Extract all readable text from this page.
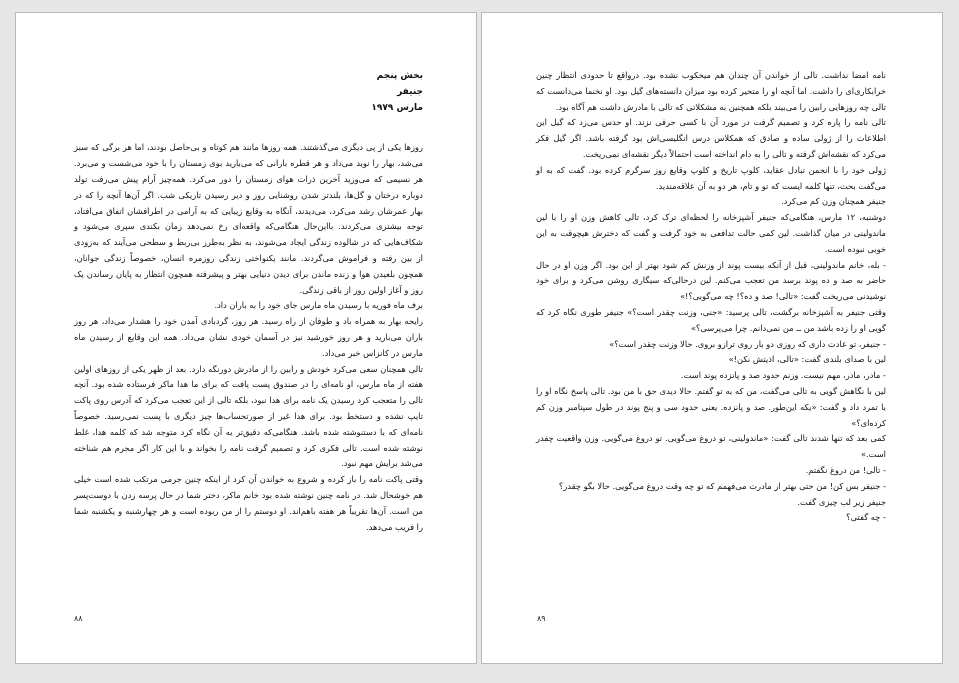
بخش پنجم
جنیفر
مارس ۱۹۷۹

روزها یکی از پی دیگری می‌گذشتند. همه روزها مانند هم کوتاه و بی‌حاصل بودند، اما هر برگی که سبز می‌شد، بهار را نوید می‌داد و هر قطره بارانی که می‌بارید بوی زمستان را با خود می‌شست و می‌برد. هر نسیمی که می‌وزید آخرین ذرات هوای زمستان را دور می‌کرد. همه‌چیز آرام پیش می‌رفت تولد دوباره درختان و گل‌ها، بلندتر شدن روشنایی روز و دیر رسیدن تاریکی شب. اگر آن‌ها آنچه را که در بهار عمرشان رشد می‌کرد، می‌دیدند، آنگاه به وقایع زیبایی که به آرامی در اطرافشان اتفاق می‌افتاد، توجه بیشتری می‌کردند. بااین‌حال هنگامی‌که واقعه‌ای رخ نمی‌دهد زمان بکندی سپری می‌شود و شکاف‌هایی که در شالوده زندگی ایجاد می‌شوند، به نظر به‌طرز بی‌ربط و سطحی می‌آیند که به‌زودی از بین رفته و فراموش می‌گردند. مانند یکنواختی زندگی روزمره انسان، خصوصاً زندگی جوانان، همچون بلعیدن هوا و زنده ماندن برای دیدن دنیایی بهتر و پیشرفته همچون انتظار به پایان رساندن یک روز و آغاز اولین روز از باقی زندگی.

برف ماه فوریه با رسیدن ماه مارس جای خود را به باران داد.

رایحه بهار به همراه باد و طوفان از راه رسید. هر روز، گردبادی آمدن خود را هشدار می‌داد، هر روز باران می‌بارید و هر روز خورشید نیز در آسمان خودی نشان می‌داد. همه این وقایع از رسیدن ماه مارس در کانزاس خبر می‌داد.

تالی همچنان سعی می‌کرد خودش و رابین را از مادرش دورنگه دارد. بعد از ظهر یکی از روزهای اولین هفته از ماه مارس، او نامه‌ای را در صندوق پست یافت که برای ما هدا ماکر فرستاده شده بود. آنچه تالی را متعجب کرد رسیدن یک نامه برای هدا نبود، بلکه تالی از این تعجب می‌کرد که آدرس روی پاکت تایپ نشده و دستخط بود. برای هدا غیر از صورتحساب‌ها چیز دیگری با پست نمی‌رسید. خصوصاً نامه‌ای که با دستنوشته شده باشد. هنگامی‌که دقیق‌تر به آن نگاه کرد متوجه شد که کلمه هدا، غلط نوشته شده است. تالی فکری کرد و تصمیم گرفت نامه را بخواند و با این کار اگر مجرم هم شناخته می‌شد برایش مهم نبود.

وقتی پاکت نامه را باز کرده و شروع به خواندن آن کرد از اینکه چنین جرمی مرتکب شده است خیلی هم خوشحال شد. در نامه چنین نوشته شده بود خانم ماکر، دختر شما در حال پرسه زدن با دوست‌پسر من است. آن‌ها تقریباً هر هفته باهم‌اند. او دوستم را از من ربوده است و هر چهارشنبه و یکشنبه شما را فریب می‌دهد.

۸۸

نامه امضا نداشت. تالی از خواندن آن چندان هم میخکوب نشده بود. درواقع تا حدودی انتظار چنین خرابکاری‌ای را داشت. اما آنچه او را متحیر کرده بود میزان دانسته‌های گیل بود. او نخنما می‌دانست که تالی چه روزهایی رابین را می‌بیند بلکه همچنین به مشکلاتی که تالی با مادرش داشت هم آگاه بود.

تالی نامه را پاره کرد و تصمیم گرفت در مورد آن با کسی حرفی نزند. او حدس می‌زد که گیل این اطلاعات را از ژولی ساده و صادق که همکلاس درس انگلیسی‌اش بود گرفته باشد. اگر گیل فکر می‌کرد که نقشه‌اش گرفته و تالی را به دام انداخته است احتمالاً دیگر نقشه‌ای نمی‌ریخت.

ژولی خود را با انجمن تبادل عقاید، کلوپ تاریخ و کلوپ وقایع روز سرگرم کرده بود. گفت که به او می‌گفت بحث، تنها کلمه ایست که تو و تام، هر دو به آن علاقه‌مندید.

جنیفر همچنان وزن کم می‌کرد.

دوشنبه، ۱۲ مارس، هنگامی‌که جنیفر آشپزخانه را لحظه‌ای ترک کرد، تالی کاهش وزن او را با لین ماندولینی در میان گذاشت. لین کمی حالت تدافعی به خود گرفت و گفت که دخترش هیچوقت به این خوبی نبوده است.

- بله، خانم ماندولینی، قبل از آنکه بیست پوند از وزنش کم شود بهتر از این بود. اگر وزن او در حال حاضر به صد و ده پوند برسد من تعجب می‌کنم. لین درحالی‌که سیگاری روشن می‌کرد و برای خود نوشیدنی می‌ریخت گفت: «تالی! صد و ده؟! چه می‌گویی؟!»

وقتی جنیفر به آشپزخانه برگشت، تالی پرسید: «جنی، وزنت چقدر است؟» جنیفر طوری نگاه کرد که گویی او را زده باشد من ــ من نمی‌دانم. چرا می‌پرسی؟»

- جنیفر، تو عادت داری که روزی دو بار روی ترازو بروی. حالا وزنت چقدر است؟»

لین با صدای بلندی گفت: «تالی، اذیتش نکن!»

- مادر، مادر، مهم نیست. وزنم حدود صد و پانزده پوند است.

لین با نگاهش گویی به تالی می‌گفت، من که به تو گفتم. حالا دیدی حق با من بود. تالی پاسخ نگاه او را با تمرد داد و گفت: «یکه این‌طور. صد و پانزده. یعنی حدود سی و پنج پوند در طول سپتامبر وزن کم کرده‌ای؟»

کمی بعد که تنها شدند تالی گفت: «ماندولینی، تو دروغ می‌گویی. تو دروغ می‌گویی. وزن واقعیت چقدر است.»

- تالی! من دروغ نگفتم.

- جنیفر بس کن! من حتی بهتر از مادرت می‌فهمم که تو چه وقت دروغ می‌گویی. حالا بگو چقدر؟

جنیفر زیر لب چیزی گفت.

- چه گفتی؟

۸۹
